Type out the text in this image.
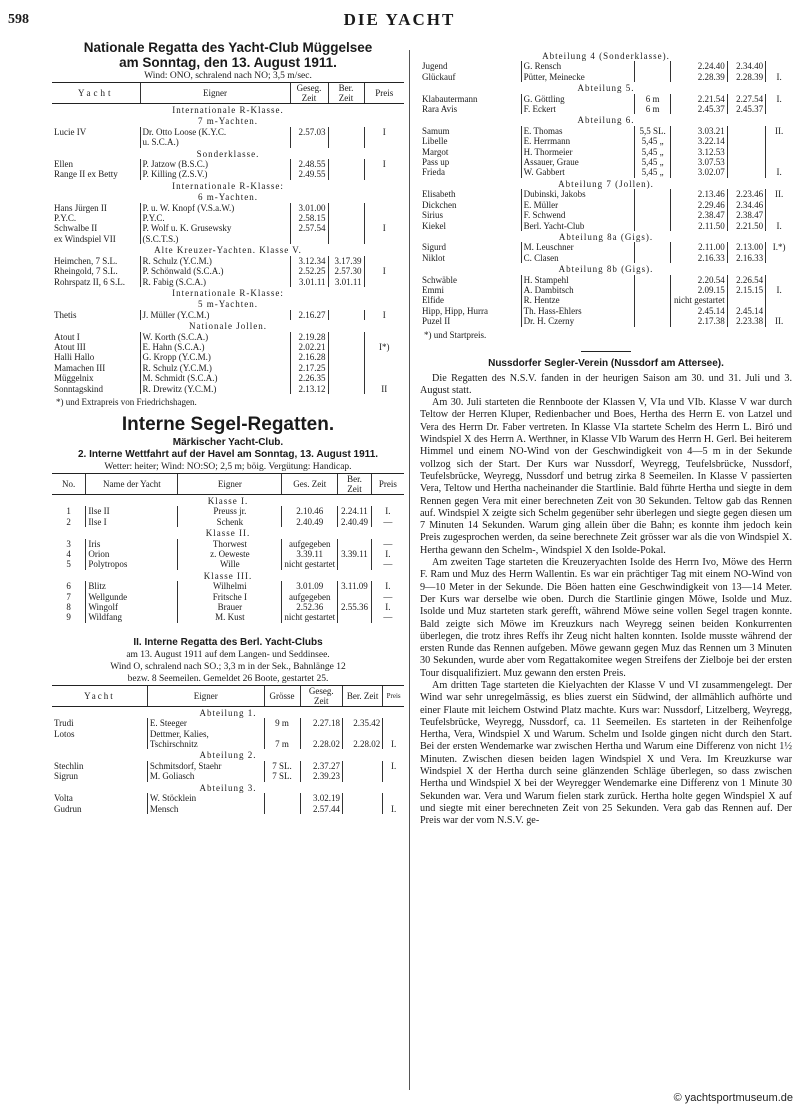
598	DIE YACHT
Nationale Regatta des Yacht-Club Müggelsee
am Sonntag, den 13. August 1911.
Wind: ONO, schralend nach NO; 3,5 m/sec.
Yacht	Eigner	Geseg. Zeit	Ber. Zeit	Preis
Internationale R-Klasse.				
7 m-Yachten.				
Lucie IV	Dr. Otto Loose (K.Y.C.	2.57.03		I
	u. S.C.A.)			
Sonderklasse.				
Ellen	P. Jatzow (B.S.C.)	2.48.55		I
Range II ex Betty	P. Killing (Z.S.V.)	2.49.55		
Internationale R-Klasse:				
6 m-Yachten.				
Hans Jürgen II	P. u. W. Knopf (V.S.a.W.)	3.01.00		
P.Y.C.	P.Y.C.	2.58.15		
Schwalbe II	P. Wolf u. K. Grusewsky	2.57.54		I
ex Windspiel VII	(S.C.T.S.)			
Alte Kreuzer-Yachten. Klasse V.				
Heimchen, 7 S.L.	R. Schulz (Y.C.M.)	3.12.34	3.17.39	
Rheingold, 7 S.L.	P. Schönwald (S.C.A.)	2.52.25	2.57.30	I
Rohrspatz II, 6 S.L.	R. Fabig (S.C.A.)	3.01.11	3.01.11	
Internationale R-Klasse:				
5 m-Yachten.				
Thetis	J. Müller (Y.C.M.)	2.16.27		I
Nationale Jollen.				
Atout I	W. Korth (S.C.A.)	2.19.28		
Atout III	E. Hahn (S.C.A.)	2.02.21		I*)
Halli Hallo	G. Kropp (Y.C.M.)	2.16.28		
Mamachen III	R. Schulz (Y.C.M.)	2.17.25		
Müggelnix	M. Schmidt (S.C.A.)	2.26.35		
Sonntagskind	R. Drewitz (Y.C.M.)	2.13.12		II
*) und Extrapreis von Friedrichshagen.
Interne Segel-Regatten.
Märkischer Yacht-Club.
2. Interne Wettfahrt auf der Havel am Sonntag, 13. August 1911.
Wetter: heiter; Wind: NO:SO; 2,5 m; böig. Vergütung: Handicap.
No.	Name der Yacht	Eigner	Ges. Zeit	Ber. Zeit	Preis
Klasse I.					
1	Ilse II	Preuss jr.	2.10.46	2.24.11	I.
2	Ilse I	Schenk	2.40.49	2.40.49	—
Klasse II.					
3	Iris	Thorwest	aufgegeben		—
4	Orion	z. Oeweste	3.39.11	3.39.11	I.
5	Polytropos	Wille	nicht gestartet		—
Klasse III.					
6	Blitz	Wilhelmi	3.01.09	3.11.09	I.
7	Wellgunde	Fritsche I	aufgegeben		—
8	Wingolf	Brauer	2.52.36	2.55.36	I.
9	Wildfang	M. Kust	nicht gestartet		—
II. Interne Regatta des Berl. Yacht-Clubs
am 13. August 1911 auf dem Langen- und Seddinsee.
Wind O, schralend nach SO.; 3,3 m in der Sek., Bahnlänge 12
bezw. 8 Seemeilen. Gemeldet 26 Boote, gestartet 25.
Yacht	Eigner	Grösse	Geseg. Zeit	Ber. Zeit	Preis
Abteilung 1.					
Trudi	E. Steeger	9 m	2.27.18	2.35.42	
Lotos	Dettmer, Kalies,				
	Tschirschnitz	7 m	2.28.02	2.28.02	I.
Abteilung 2.					
Stechlin	Schmitsdorf, Staehr	7 SL.	2.37.27		I.
Sigrun	M. Goliasch	7 SL.	2.39.23		
Abteilung 3.					
Volta	W. Stöcklein		3.02.19		
Gudrun	Mensch		2.57.44		I.
Abteilung 4 (Sonderklasse).					
Jugend	G. Rensch		2.24.40	2.34.40	
Glückauf	Pütter, Meinecke		2.28.39	2.28.39	I.
Abteilung 5.					
Klabautermann	G. Göttling	6 m	2.21.54	2.27.54	I.
Rara Avis	F. Eckert	6 m	2.45.37	2.45.37	
Abteilung 6.					
Samum	E. Thomas	5,5 SL.	3.03.21		II.
Libelle	E. Herrmann	5,45 „	3.22.14		
Margot	H. Thormeier	5,45 „	3.12.53		
Pass up	Assauer, Graue	5,45 „	3.07.53		
Frieda	W. Gabbert	5,45 „	3.02.07		I.
Abteilung 7 (Jollen).					
Elisabeth	Dubinski, Jakobs		2.13.46	2.23.46	II.
Dickchen	E. Müller		2.29.46	2.34.46	
Sirius	F. Schwend		2.38.47	2.38.47	
Kiekel	Berl. Yacht-Club		2.11.50	2.21.50	I.
Abteilung 8a (Gigs).					
Sigurd	M. Leuschner		2.11.00	2.13.00	I.*)
Niklot	C. Clasen		2.16.33	2.16.33	
Abteilung 8b (Gigs).					
Schwäble	H. Stampehl		2.20.54	2.26.54	
Emmi	A. Dambitsch		2.09.15	2.15.15	I.
Elfide	R. Hentze		nicht gestartet		
Hipp, Hipp, Hurra	Th. Hass-Ehlers		2.45.14	2.45.14	
Puzel II	Dr. H. Czerny		2.17.38	2.23.38	II.
*) und Startpreis.
Nussdorfer Segler-Verein (Nussdorf am Attersee).

Die Regatten des N.S.V. fanden in der heurigen Saison am 30. und 31. Juli und 3. August statt.

Am 30. Juli starteten die Rennboote der Klassen V, VIa und VIb. Klasse V war durch Teltow der Herren Kluper, Redienbacher und Boes, Hertha des Herrn E. von Latzel und Vera des Herrn Dr. Faber vertreten. In Klasse VIa startete Schelm des Herrn L. Biró und Windspiel X des Herrn A. Werthner, in Klasse VIb Warum des Herrn H. Gerl. Bei heiterem Himmel und einem NO-Wind von der Geschwindigkeit von 4—5 m in der Sekunde vollzog sich der Start. Der Kurs war Nussdorf, Weyregg, Teufelsbrücke, Nussdorf, Teufelsbrücke, Weyregg, Nussdorf und betrug zirka 8 Seemeilen. In Klasse V passierten Vera, Teltow und Hertha nacheinander die Startlinie. Bald führte Hertha und siegte in dem Rennen gegen Vera mit einer berechneten Zeit von 30 Sekunden. Teltow gab das Rennen auf. Windspiel X zeigte sich Schelm gegenüber sehr überlegen und siegte gegen diesen um 7 Minuten 14 Sekunden. Warum ging allein über die Bahn; es konnte ihm jedoch kein Preis zugesprochen werden, da seine berechnete Zeit grösser war als die von Windspiel X. Hertha gewann den Schelm-, Windspiel X den Isolde-Pokal.

Am zweiten Tage starteten die Kreuzeryachten Isolde des Herrn Ivo, Möwe des Herrn F. Ram und Muz des Herrn Wallentin. Es war ein prächtiger Tag mit einem NO-Wind von 9—10 Meter in der Sekunde. Die Böen hatten eine Geschwindigkeit von 13—14 Meter. Der Kurs war derselbe wie oben. Durch die Startlinie gingen Möwe, Isolde und Muz. Isolde und Muz starteten stark gerefft, während Möwe seine vollen Segel tragen konnte. Bald zeigte sich Möwe im Kreuzkurs nach Weyregg seinen beiden Konkurrenten überlegen, die trotz ihres Reffs ihr Zeug nicht halten konnten. Isolde musste während der ersten Runde das Rennen aufgeben. Möwe gewann gegen Muz das Rennen um 3 Minuten 30 Sekunden, wurde aber vom Regattakomitee wegen Streifens der Zielboje bei der ersten Tour disqualifiziert. Muz gewann den ersten Preis.

Am dritten Tage starteten die Kielyachten der Klasse V und VI zusammengelegt. Der Wind war sehr unregelmässig, es blies zuerst ein Südwind, der allmählich aufhörte und einer Flaute mit leichem Ostwind Platz machte. Kurs war: Nussdorf, Litzelberg, Weyregg, Teufelsbrücke, Weyregg, Nussdorf, ca. 11 Seemeilen. Es starteten in der Reihenfolge Hertha, Vera, Windspiel X und Warum. Schelm und Isolde gingen nicht durch den Start. Bei der ersten Wendemarke war zwischen Hertha und Warum eine Differenz von nicht 1½ Minuten. Zwischen diesen beiden lagen Windspiel X und Vera. Im Kreuzkurse war Windspiel X der Hertha durch seine glänzenden Schläge überlegen, so dass zwischen Hertha und Windspiel X bei der Weyregger Wendemarke eine Differenz von 1 Minute 30 Sekunden war. Vera und Warum fielen stark zurück. Hertha holte gegen Windspiel X auf und siegte mit einer berechneten Zeit von 25 Sekunden. Vera gab das Rennen auf. Der Preis war der vom N.S.V. ge-

© yachtsportmuseum.de
